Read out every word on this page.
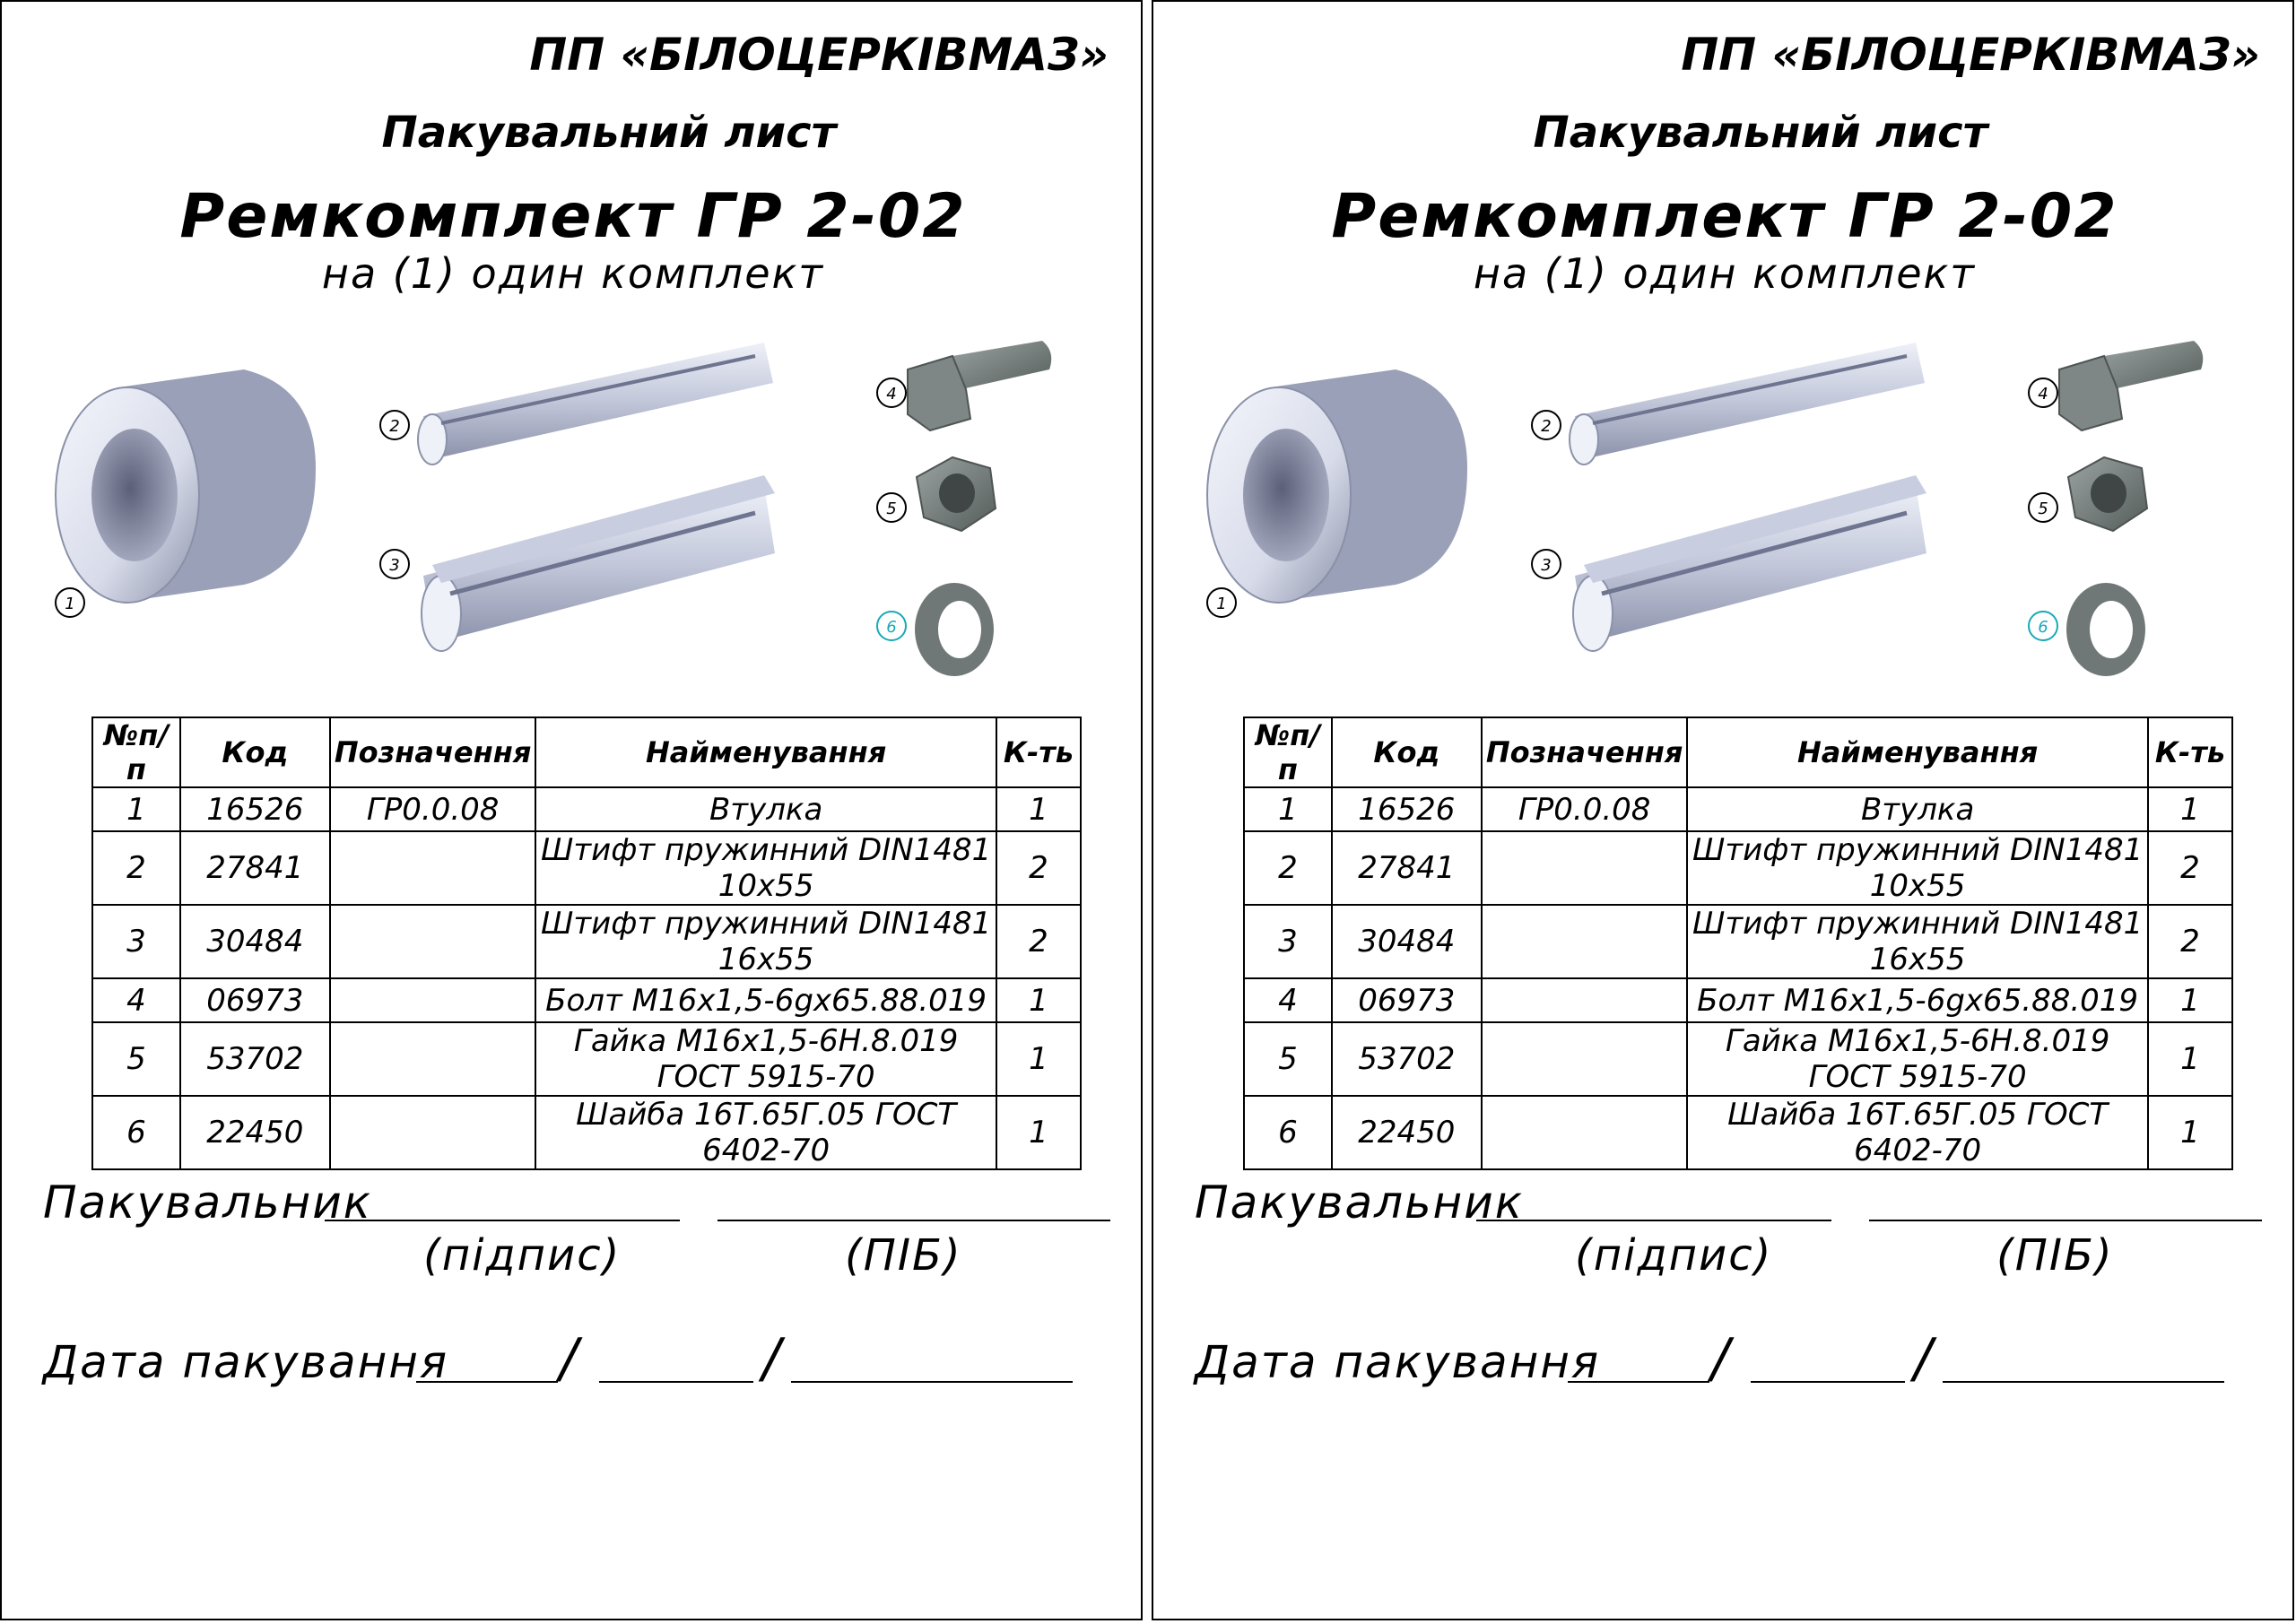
ПП «БІЛОЦЕРКІВМАЗ»
Пакувальний лист
Ремкомплект ГР 2-02
на (1) один комплект
1
2
3
4
5
6
№п/п	Код	Позначення	Найменування	К-ть
1	16526	ГР0.0.08	Втулка	1
2	27841		Штифт пружинний DIN1481 10x55	2
3	30484		Штифт пружинний DIN1481 16x55	2
4	06973		Болт М16х1,5-6gх65.88.019	1
5	53702		Гайка М16х1,5-6Н.8.019 ГОСТ 5915-70	1
6	22450		Шайба 16Т.65Г.05 ГОСТ 6402-70	1
Пакувальник
(підпис)	(ПІБ)
Дата пакування /	/
ПП «БІЛОЦЕРКІВМАЗ»
Пакувальний лист
Ремкомплект ГР 2-02
на (1) один комплект
1
2
3
4
5
6
№п/п	Код	Позначення	Найменування	К-ть
1	16526	ГР0.0.08	Втулка	1
2	27841		Штифт пружинний DIN1481 10x55	2
3	30484		Штифт пружинний DIN1481 16x55	2
4	06973		Болт М16х1,5-6gх65.88.019	1
5	53702		Гайка М16х1,5-6Н.8.019 ГОСТ 5915-70	1
6	22450		Шайба 16Т.65Г.05 ГОСТ 6402-70	1
Пакувальник
(підпис)	(ПІБ)
Дата пакування /	/
